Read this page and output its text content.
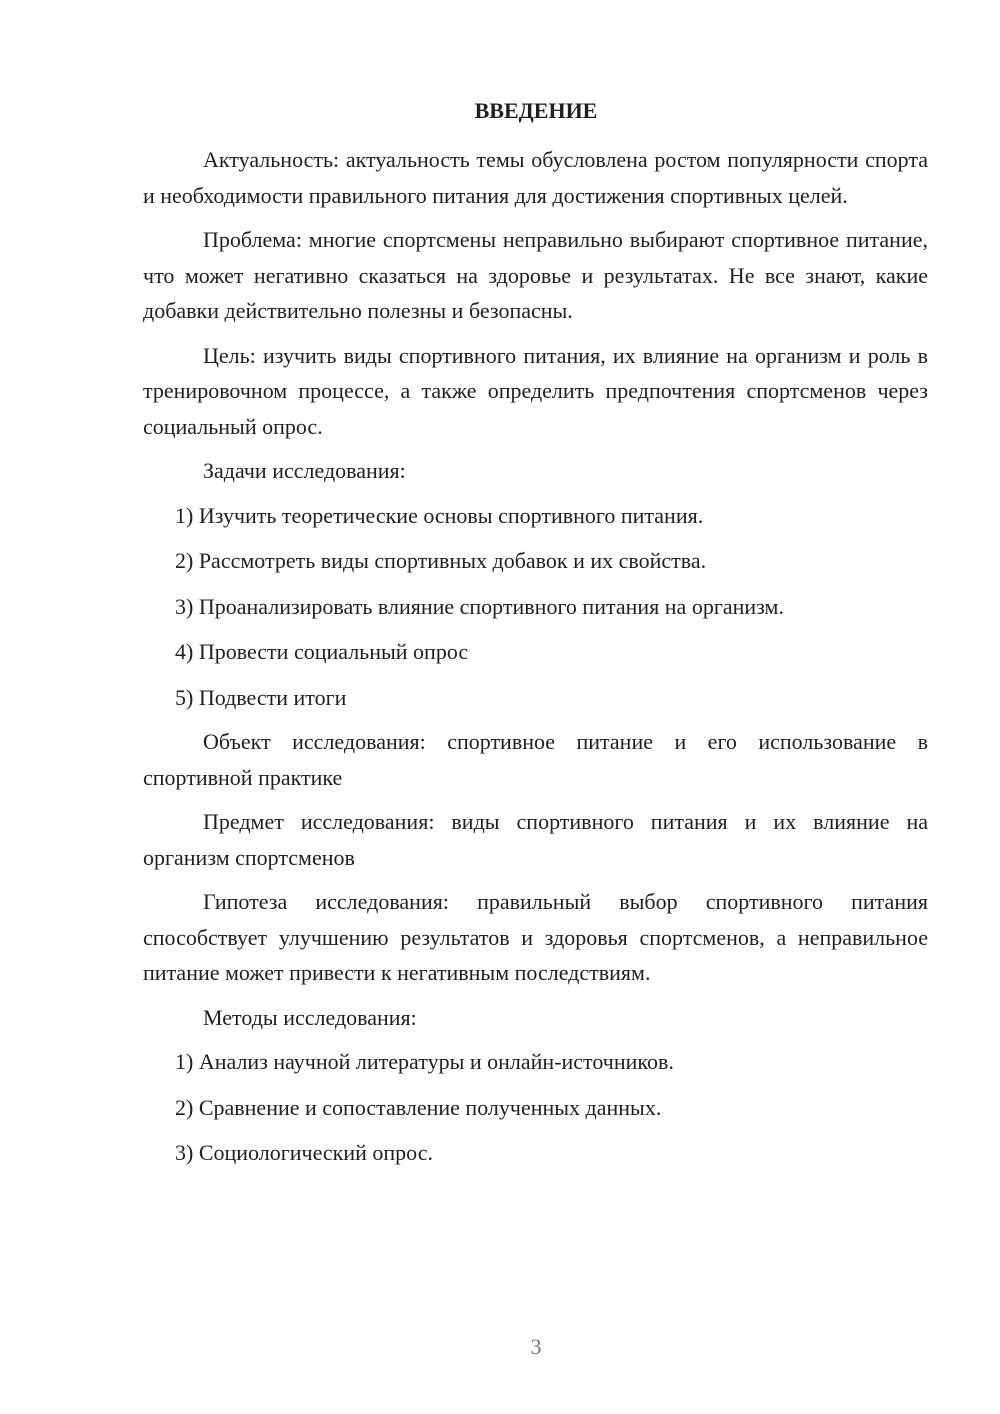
ВВЕДЕНИЕ

Актуальность: актуальность темы обусловлена ростом популярности спорта и необходимости правильного питания для достижения спортивных целей.

Проблема: многие спортсмены неправильно выбирают спортивное питание, что может негативно сказаться на здоровье и результатах. Не все знают, какие добавки действительно полезны и безопасны.

Цель: изучить виды спортивного питания, их влияние на организм и роль в тренировочном процессе, а также определить предпочтения спортсменов через социальный опрос.

Задачи исследования:
1) Изучить теоретические основы спортивного питания.
2) Рассмотреть виды спортивных добавок и их свойства.
3) Проанализировать влияние спортивного питания на организм.
4) Провести социальный опрос
5) Подвести итоги

Объект исследования: спортивное питание и его использование в спортивной практике

Предмет исследования: виды спортивного питания и их влияние на организм спортсменов

Гипотеза исследования: правильный выбор спортивного питания способствует улучшению результатов и здоровья спортсменов, а неправильное питание может привести к негативным последствиям.

Методы исследования:
1) Анализ научной литературы и онлайн-источников.
2) Сравнение и сопоставление полученных данных.
3) Социологический опрос.
3
